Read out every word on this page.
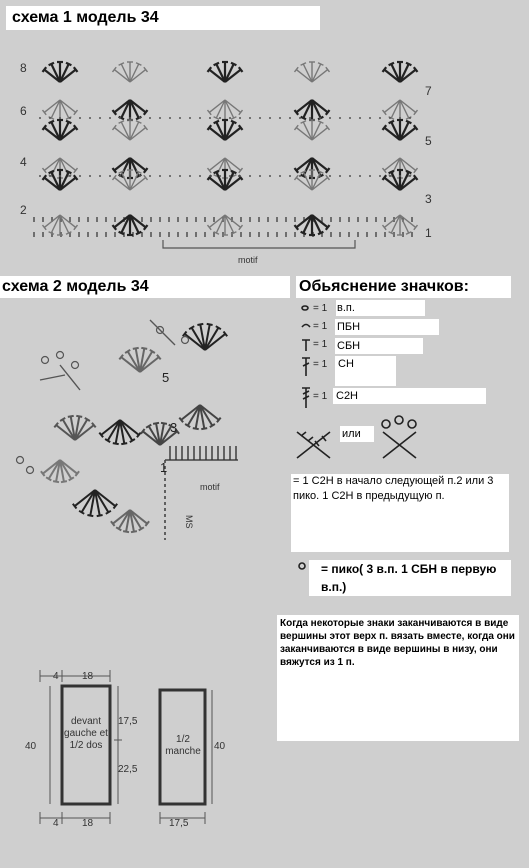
схема 1 модель 34
motif
8
6
4
2
7
5
3
1
схема 2 модель 34
motif
MS
5
3
1
4 18
4 18
40
devant gauche et 1/2 dos
17,5
22,5
1/2 manche 40
17,5
Обьяснение значков:
= 1
= 1
= 1
= 1
= 1
в.п.
ПБН
СБН
СН
С2Н
или
= 1 С2Н в начало следующей п.2 или 3 пико. 1 С2Н в предыдущую п.
= пико( 3 в.п. 1 СБН в первую в.п.)
Когда некоторые знаки заканчиваются в виде вершины этот верх п. вязать вместе, когда они заканчиваются в виде вершины в низу, они вяжутся из 1 п.
